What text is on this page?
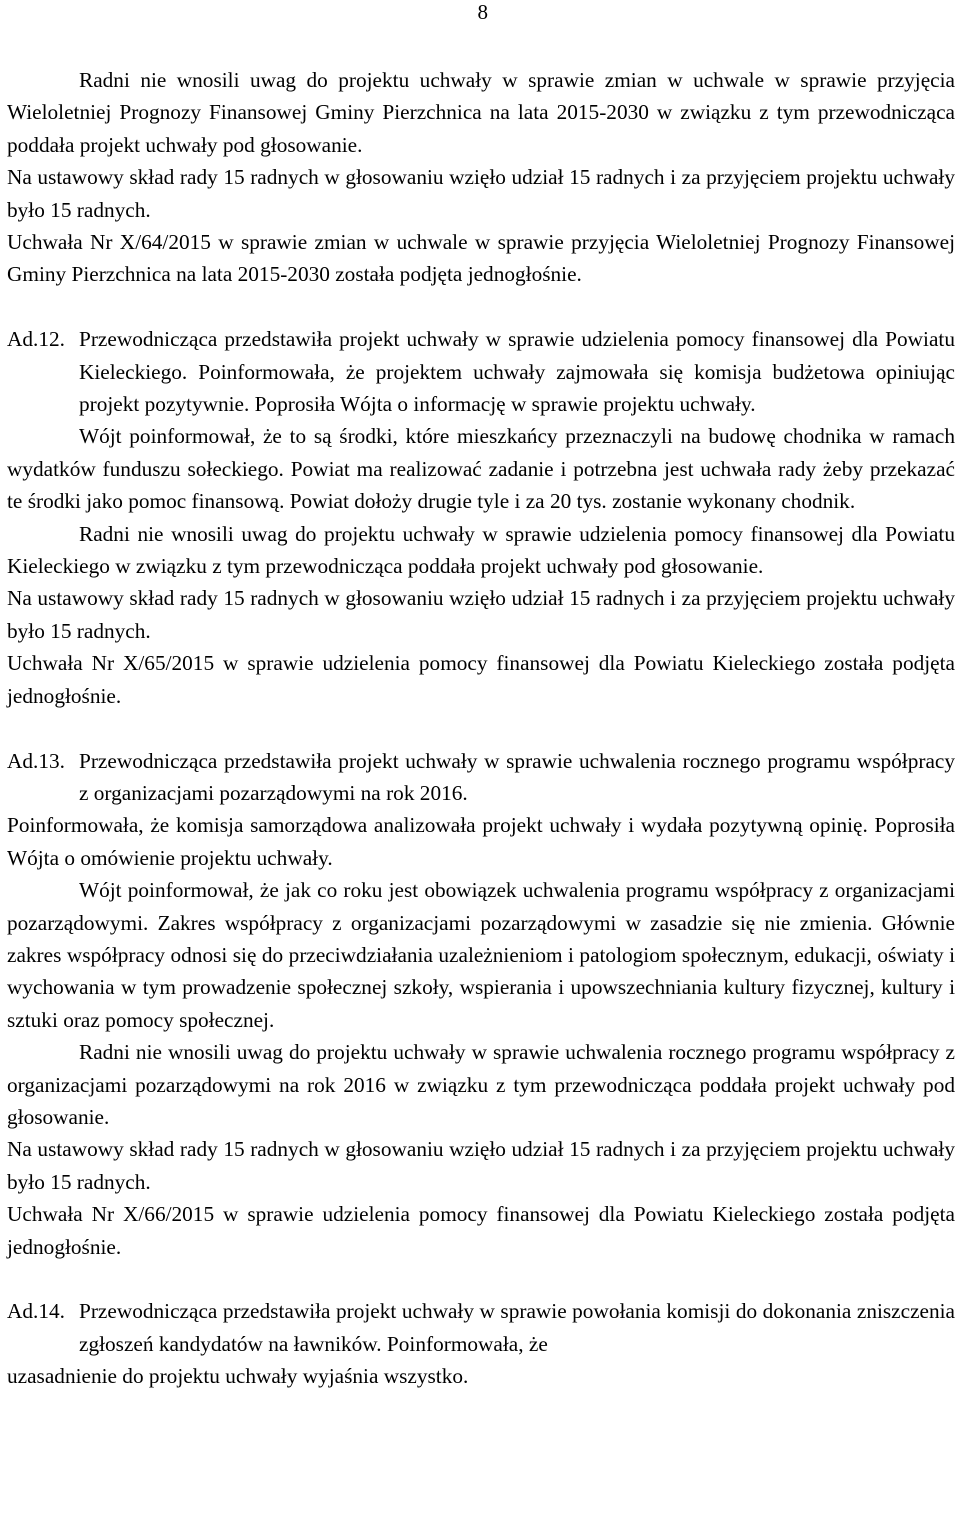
8

Radni nie wnosili uwag do projektu uchwały w sprawie zmian w uchwale w sprawie przyjęcia Wieloletniej Prognozy Finansowej Gminy Pierzchnica na lata 2015-2030 w związku z tym przewodnicząca poddała projekt uchwały pod głosowanie.

Na ustawowy skład rady 15 radnych w głosowaniu wzięło udział 15 radnych i za przyjęciem projektu uchwały było 15 radnych.

Uchwała Nr X/64/2015 w sprawie zmian w uchwale w sprawie przyjęcia Wieloletniej Prognozy Finansowej Gminy Pierzchnica na lata 2015-2030 została podjęta jednogłośnie.

Ad.12. Przewodnicząca przedstawiła projekt uchwały w sprawie udzielenia pomocy finansowej dla Powiatu Kieleckiego. Poinformowała, że projektem uchwały zajmowała się komisja budżetowa opiniując projekt pozytywnie. Poprosiła Wójta o informację w sprawie projektu uchwały.

Wójt poinformował, że to są środki, które mieszkańcy przeznaczyli na budowę chodnika w ramach wydatków funduszu sołeckiego. Powiat ma realizować zadanie i potrzebna jest uchwała rady żeby przekazać te środki jako pomoc finansową. Powiat dołoży drugie tyle i za 20 tys. zostanie wykonany chodnik.

Radni nie wnosili uwag do projektu uchwały w sprawie udzielenia pomocy finansowej dla Powiatu Kieleckiego w związku z tym przewodnicząca poddała projekt uchwały pod głosowanie.

Na ustawowy skład rady 15 radnych w głosowaniu wzięło udział 15 radnych i za przyjęciem projektu uchwały było 15 radnych.

Uchwała Nr X/65/2015 w sprawie udzielenia pomocy finansowej dla Powiatu Kieleckiego została podjęta jednogłośnie.

Ad.13. Przewodnicząca przedstawiła projekt uchwały w sprawie uchwalenia rocznego programu współpracy z organizacjami pozarządowymi na rok 2016.

Poinformowała, że komisja samorządowa analizowała projekt uchwały i wydała pozytywną opinię. Poprosiła Wójta o omówienie projektu uchwały.

Wójt poinformował, że jak co roku jest obowiązek uchwalenia programu współpracy z organizacjami pozarządowymi. Zakres współpracy z organizacjami pozarządowymi w zasadzie się nie zmienia. Głównie zakres współpracy odnosi się do przeciwdziałania uzależnieniom i patologiom społecznym, edukacji, oświaty i wychowania w tym prowadzenie społecznej szkoły, wspierania i upowszechniania kultury fizycznej, kultury i sztuki oraz pomocy społecznej.

Radni nie wnosili uwag do projektu uchwały w sprawie uchwalenia rocznego programu współpracy z organizacjami pozarządowymi na rok 2016 w związku z tym przewodnicząca poddała projekt uchwały pod głosowanie.

Na ustawowy skład rady 15 radnych w głosowaniu wzięło udział 15 radnych i za przyjęciem projektu uchwały było 15 radnych.

Uchwała Nr X/66/2015 w sprawie udzielenia pomocy finansowej dla Powiatu Kieleckiego została podjęta jednogłośnie.

Ad.14. Przewodnicząca przedstawiła projekt uchwały w sprawie powołania komisji do dokonania zniszczenia zgłoszeń kandydatów na ławników. Poinformowała, że

uzasadnienie do projektu uchwały wyjaśnia wszystko.
